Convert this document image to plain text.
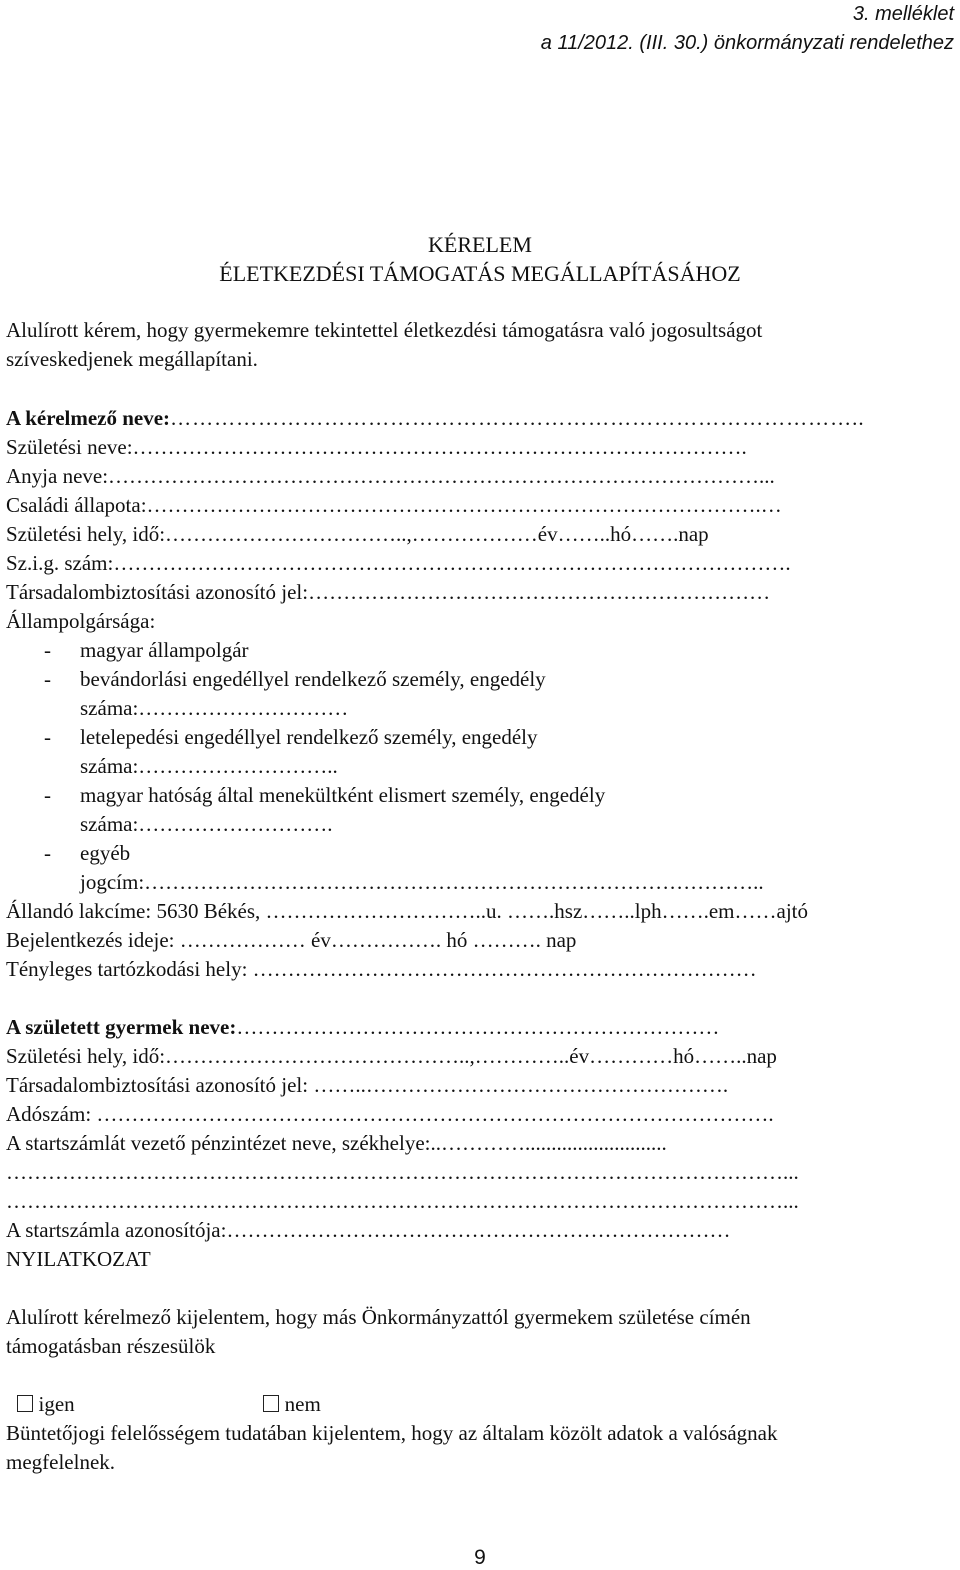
3. melléklet
a 11/2012. (III. 30.) önkormányzati rendelethez
KÉRELEM
ÉLETKEZDÉSI TÁMOGATÁS MEGÁLLAPÍTÁSÁHOZ
Alulírott kérem, hogy gyermekemre tekintettel életkezdési támogatásra való jogosultságot
szíveskedjenek megállapítani.
A kérelmező neve:…………………………………………………………………………………..
Születési neve:…………………………………………………………………………….
Anyja neve:…………………………………………………………………………………...
Családi állapota:…………………………………………………………………………….…
Születési hely, idő:……………………………..,………………év……..hó…….nap
Sz.i.g. szám:…………………………………………………………………………………….
Társadalombiztosítási azonosító jel:…………………………………………………………
Állampolgársága:
- magyar állampolgár
- bevándorlási engedéllyel rendelkező személy, engedély
száma:…………………………
- letelepedési engedéllyel rendelkező személy, engedély
száma:………………………..
- magyar hatóság által menekültként elismert személy, engedély
száma:……………………….
- egyéb
jogcím:……………………………………………………………………………..
Állandó lakcíme: 5630 Békés, …………………………..u. …….hsz……..lph…….em……ajtó
Bejelentkezés ideje: ……………… év……………. hó ………. nap
Tényleges tartózkodási hely: ………………………………………………………………
A született gyermek neve:……………………………………………………………
Születési hely, idő:……………………………………..,…………..év…………hó……..nap
Társadalombiztosítási azonosító jel: ……..…………………………………………….
Adószám: …………………………………………………………………………………….
A startszámlát vezető pénzintézet neve, székhelye:..…………...........................
…………………………………………………………………………………………………...
…………………………………………………………………………………………………...
A startszámla azonosítója:………………………………………………………………
NYILATKOZAT
Alulírott kérelmező kijelentem, hogy más Önkormányzattól gyermekem születése címén
támogatásban részesülök

igen	nem

Büntetőjogi felelősségem tudatában kijelentem, hogy az általam közölt adatok a valóságnak
megfelelnek.
9
